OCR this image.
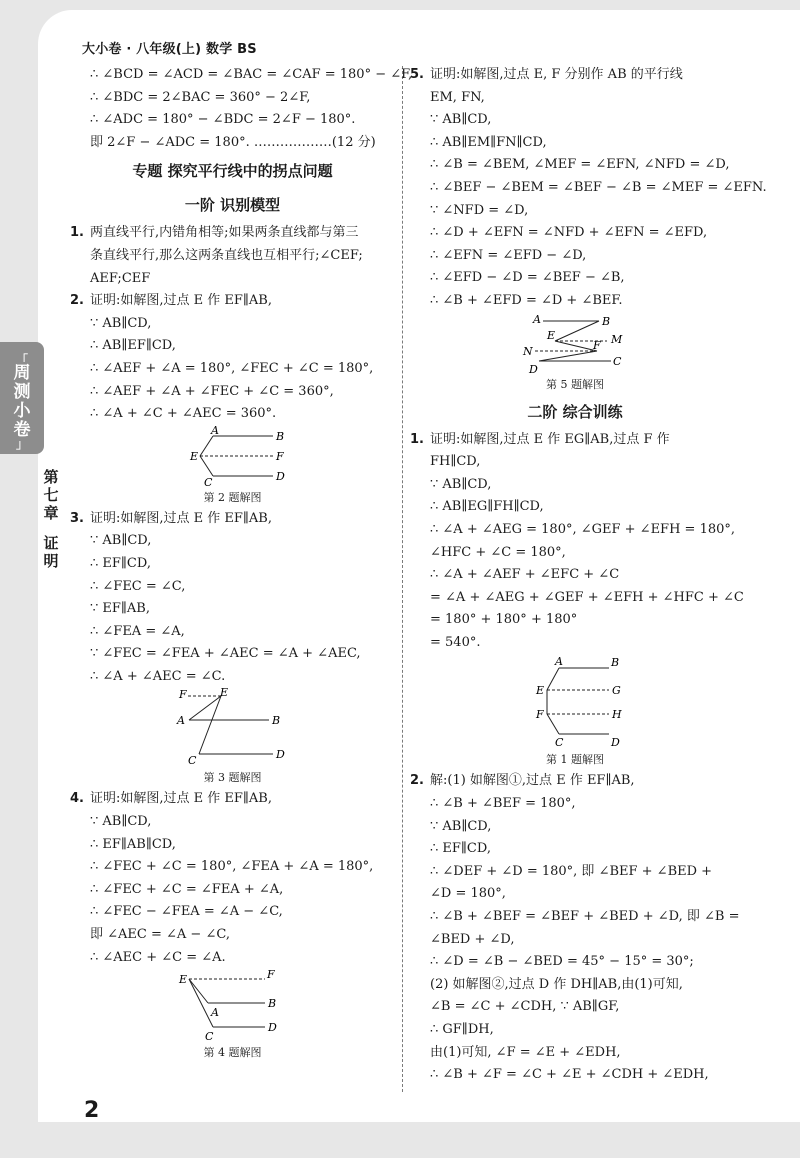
大小卷 · 八年级(上) 数学 BS
「
周
测
小
卷
」
第
七
章
证
明
2
∴ ∠BCD = ∠ACD = ∠BAC = ∠CAF = 180° − ∠F,
∴ ∠BDC = 2∠BAC = 360° − 2∠F,
∴ ∠ADC = 180° − ∠BDC = 2∠F − 180°.
即 2∠F − ∠ADC = 180°. ………………(12 分)
专题 探究平行线中的拐点问题
一阶 识别模型
1. 两直线平行,内错角相等;如果两条直线都与第三
条直线平行,那么这两条直线也互相平行;∠CEF;
AEF;CEF
2. 证明:如解图,过点 E 作 EF∥AB,
∵ AB∥CD,
∴ AB∥EF∥CD,
∴ ∠AEF + ∠A = 180°, ∠FEC + ∠C = 180°,
∴ ∠AEF + ∠A + ∠FEC + ∠C = 360°,
∴ ∠A + ∠C + ∠AEC = 360°.
A	B
E	F
C	D
第 2 题解图
3. 证明:如解图,过点 E 作 EF∥AB,
∵ AB∥CD,
∴ EF∥CD,
∴ ∠FEC = ∠C,
∵ EF∥AB,
∴ ∠FEA = ∠A,
∵ ∠FEC = ∠FEA + ∠AEC = ∠A + ∠AEC,
∴ ∠A + ∠AEC = ∠C.
F	E
A	B
C	D
第 3 题解图
4. 证明:如解图,过点 E 作 EF∥AB,
∵ AB∥CD,
∴ EF∥AB∥CD,
∴ ∠FEC + ∠C = 180°, ∠FEA + ∠A = 180°,
∴ ∠FEC + ∠C = ∠FEA + ∠A,
∴ ∠FEC − ∠FEA = ∠A − ∠C,
即 ∠AEC = ∠A − ∠C,
∴ ∠AEC + ∠C = ∠A.
E	F
A
B
C
D
第 4 题解图
5. 证明:如解图,过点 E, F 分别作 AB 的平行线
EM, FN,
∵ AB∥CD,
∴ AB∥EM∥FN∥CD,
∴ ∠B = ∠BEM, ∠MEF = ∠EFN, ∠NFD = ∠D,
∴ ∠BEF − ∠BEM = ∠BEF − ∠B = ∠MEF = ∠EFN.
∵ ∠NFD = ∠D,
∴ ∠D + ∠EFN = ∠NFD + ∠EFN = ∠EFD,
∴ ∠EFN = ∠EFD − ∠D,
∴ ∠EFD − ∠D = ∠BEF − ∠B,
∴ ∠B + ∠EFD = ∠D + ∠BEF.
A	B
E	M
N	F
C
D
第 5 题解图
二阶 综合训练
1. 证明:如解图,过点 E 作 EG∥AB,过点 F 作
FH∥CD,
∵ AB∥CD,
∴ AB∥EG∥FH∥CD,
∴ ∠A + ∠AEG = 180°, ∠GEF + ∠EFH = 180°,
∠HFC + ∠C = 180°,
∴ ∠A + ∠AEF + ∠EFC + ∠C
= ∠A + ∠AEG + ∠GEF + ∠EFH + ∠HFC + ∠C
= 180° + 180° + 180°
= 540°.
A	B
E	G
F	H
C	D
第 1 题解图
2. 解:(1) 如解图①,过点 E 作 EF∥AB,
∴ ∠B + ∠BEF = 180°,
∵ AB∥CD,
∴ EF∥CD,
∴ ∠DEF + ∠D = 180°, 即 ∠BEF + ∠BED +
∠D = 180°,
∴ ∠B + ∠BEF = ∠BEF + ∠BED + ∠D, 即 ∠B =
∠BED + ∠D,
∴ ∠D = ∠B − ∠BED = 45° − 15° = 30°;
(2) 如解图②,过点 D 作 DH∥AB,由(1)可知,
∠B = ∠C + ∠CDH, ∵ AB∥GF,
∴ GF∥DH,
由(1)可知, ∠F = ∠E + ∠EDH,
∴ ∠B + ∠F = ∠C + ∠E + ∠CDH + ∠EDH,
